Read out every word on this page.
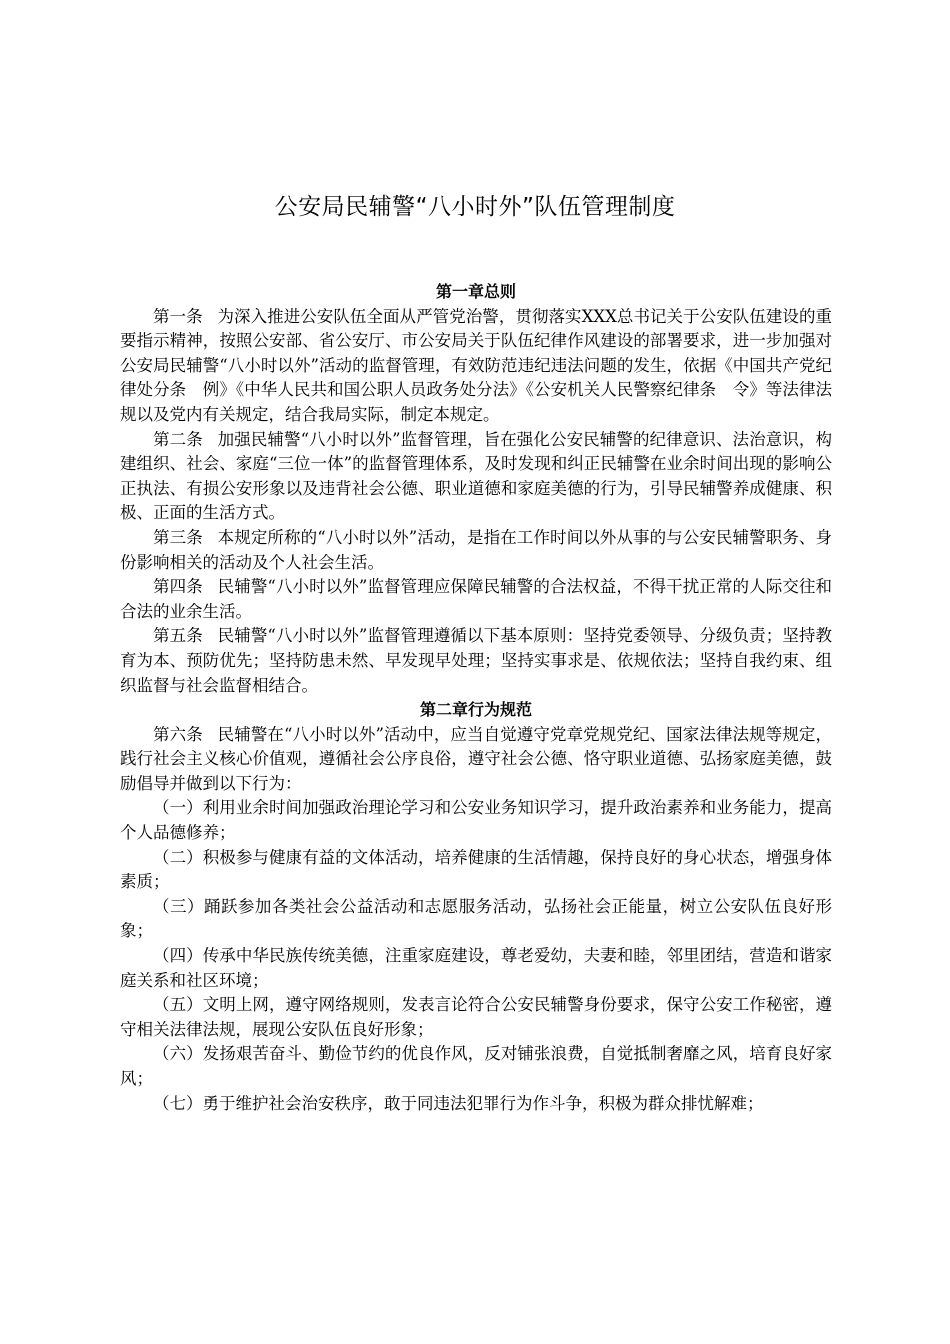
公安局民辅警“八小时外”队伍管理制度

第一章总则

第一条 为深入推进公安队伍全面从严管党治警，贯彻落实XXX总书记关于公安队伍建设的重要指示精神，按照公安部、省公安厅、市公安局关于队伍纪律作风建设的部署要求，进一步加强对公安局民辅警“八小时以外”活动的监督管理，有效防范违纪违法问题的发生，依据《中国共产党纪律处分条　例》《中华人民共和国公职人员政务处分法》《公安机关人民警察纪律条　令》等法律法规以及党内有关规定，结合我局实际，制定本规定。

第二条 加强民辅警“八小时以外”监督管理，旨在强化公安民辅警的纪律意识、法治意识，构建组织、社会、家庭“三位一体”的监督管理体系，及时发现和纠正民辅警在业余时间出现的影响公正执法、有损公安形象以及违背社会公德、职业道德和家庭美德的行为，引导民辅警养成健康、积极、正面的生活方式。

第三条 本规定所称的“八小时以外”活动，是指在工作时间以外从事的与公安民辅警职务、身份影响相关的活动及个人社会生活。

第四条 民辅警“八小时以外”监督管理应保障民辅警的合法权益，不得干扰正常的人际交往和合法的业余生活。

第五条 民辅警“八小时以外”监督管理遵循以下基本原则：坚持党委领导、分级负责；坚持教育为本、预防优先；坚持防患未然、早发现早处理；坚持实事求是、依规依法；坚持自我约束、组织监督与社会监督相结合。

第二章行为规范

第六条 民辅警在“八小时以外”活动中，应当自觉遵守党章党规党纪、国家法律法规等规定，践行社会主义核心价值观，遵循社会公序良俗，遵守社会公德、恪守职业道德、弘扬家庭美德，鼓励倡导并做到以下行为：

（一）利用业余时间加强政治理论学习和公安业务知识学习，提升政治素养和业务能力，提高个人品德修养；

（二）积极参与健康有益的文体活动，培养健康的生活情趣，保持良好的身心状态，增强身体素质；

（三）踊跃参加各类社会公益活动和志愿服务活动，弘扬社会正能量，树立公安队伍良好形象；

（四）传承中华民族传统美德，注重家庭建设，尊老爱幼，夫妻和睦，邻里团结，营造和谐家庭关系和社区环境；

（五）文明上网，遵守网络规则，发表言论符合公安民辅警身份要求，保守公安工作秘密，遵守相关法律法规，展现公安队伍良好形象；

（六）发扬艰苦奋斗、勤俭节约的优良作风，反对铺张浪费，自觉抵制奢靡之风，培育良好家风；

（七）勇于维护社会治安秩序，敢于同违法犯罪行为作斗争，积极为群众排忧解难；
